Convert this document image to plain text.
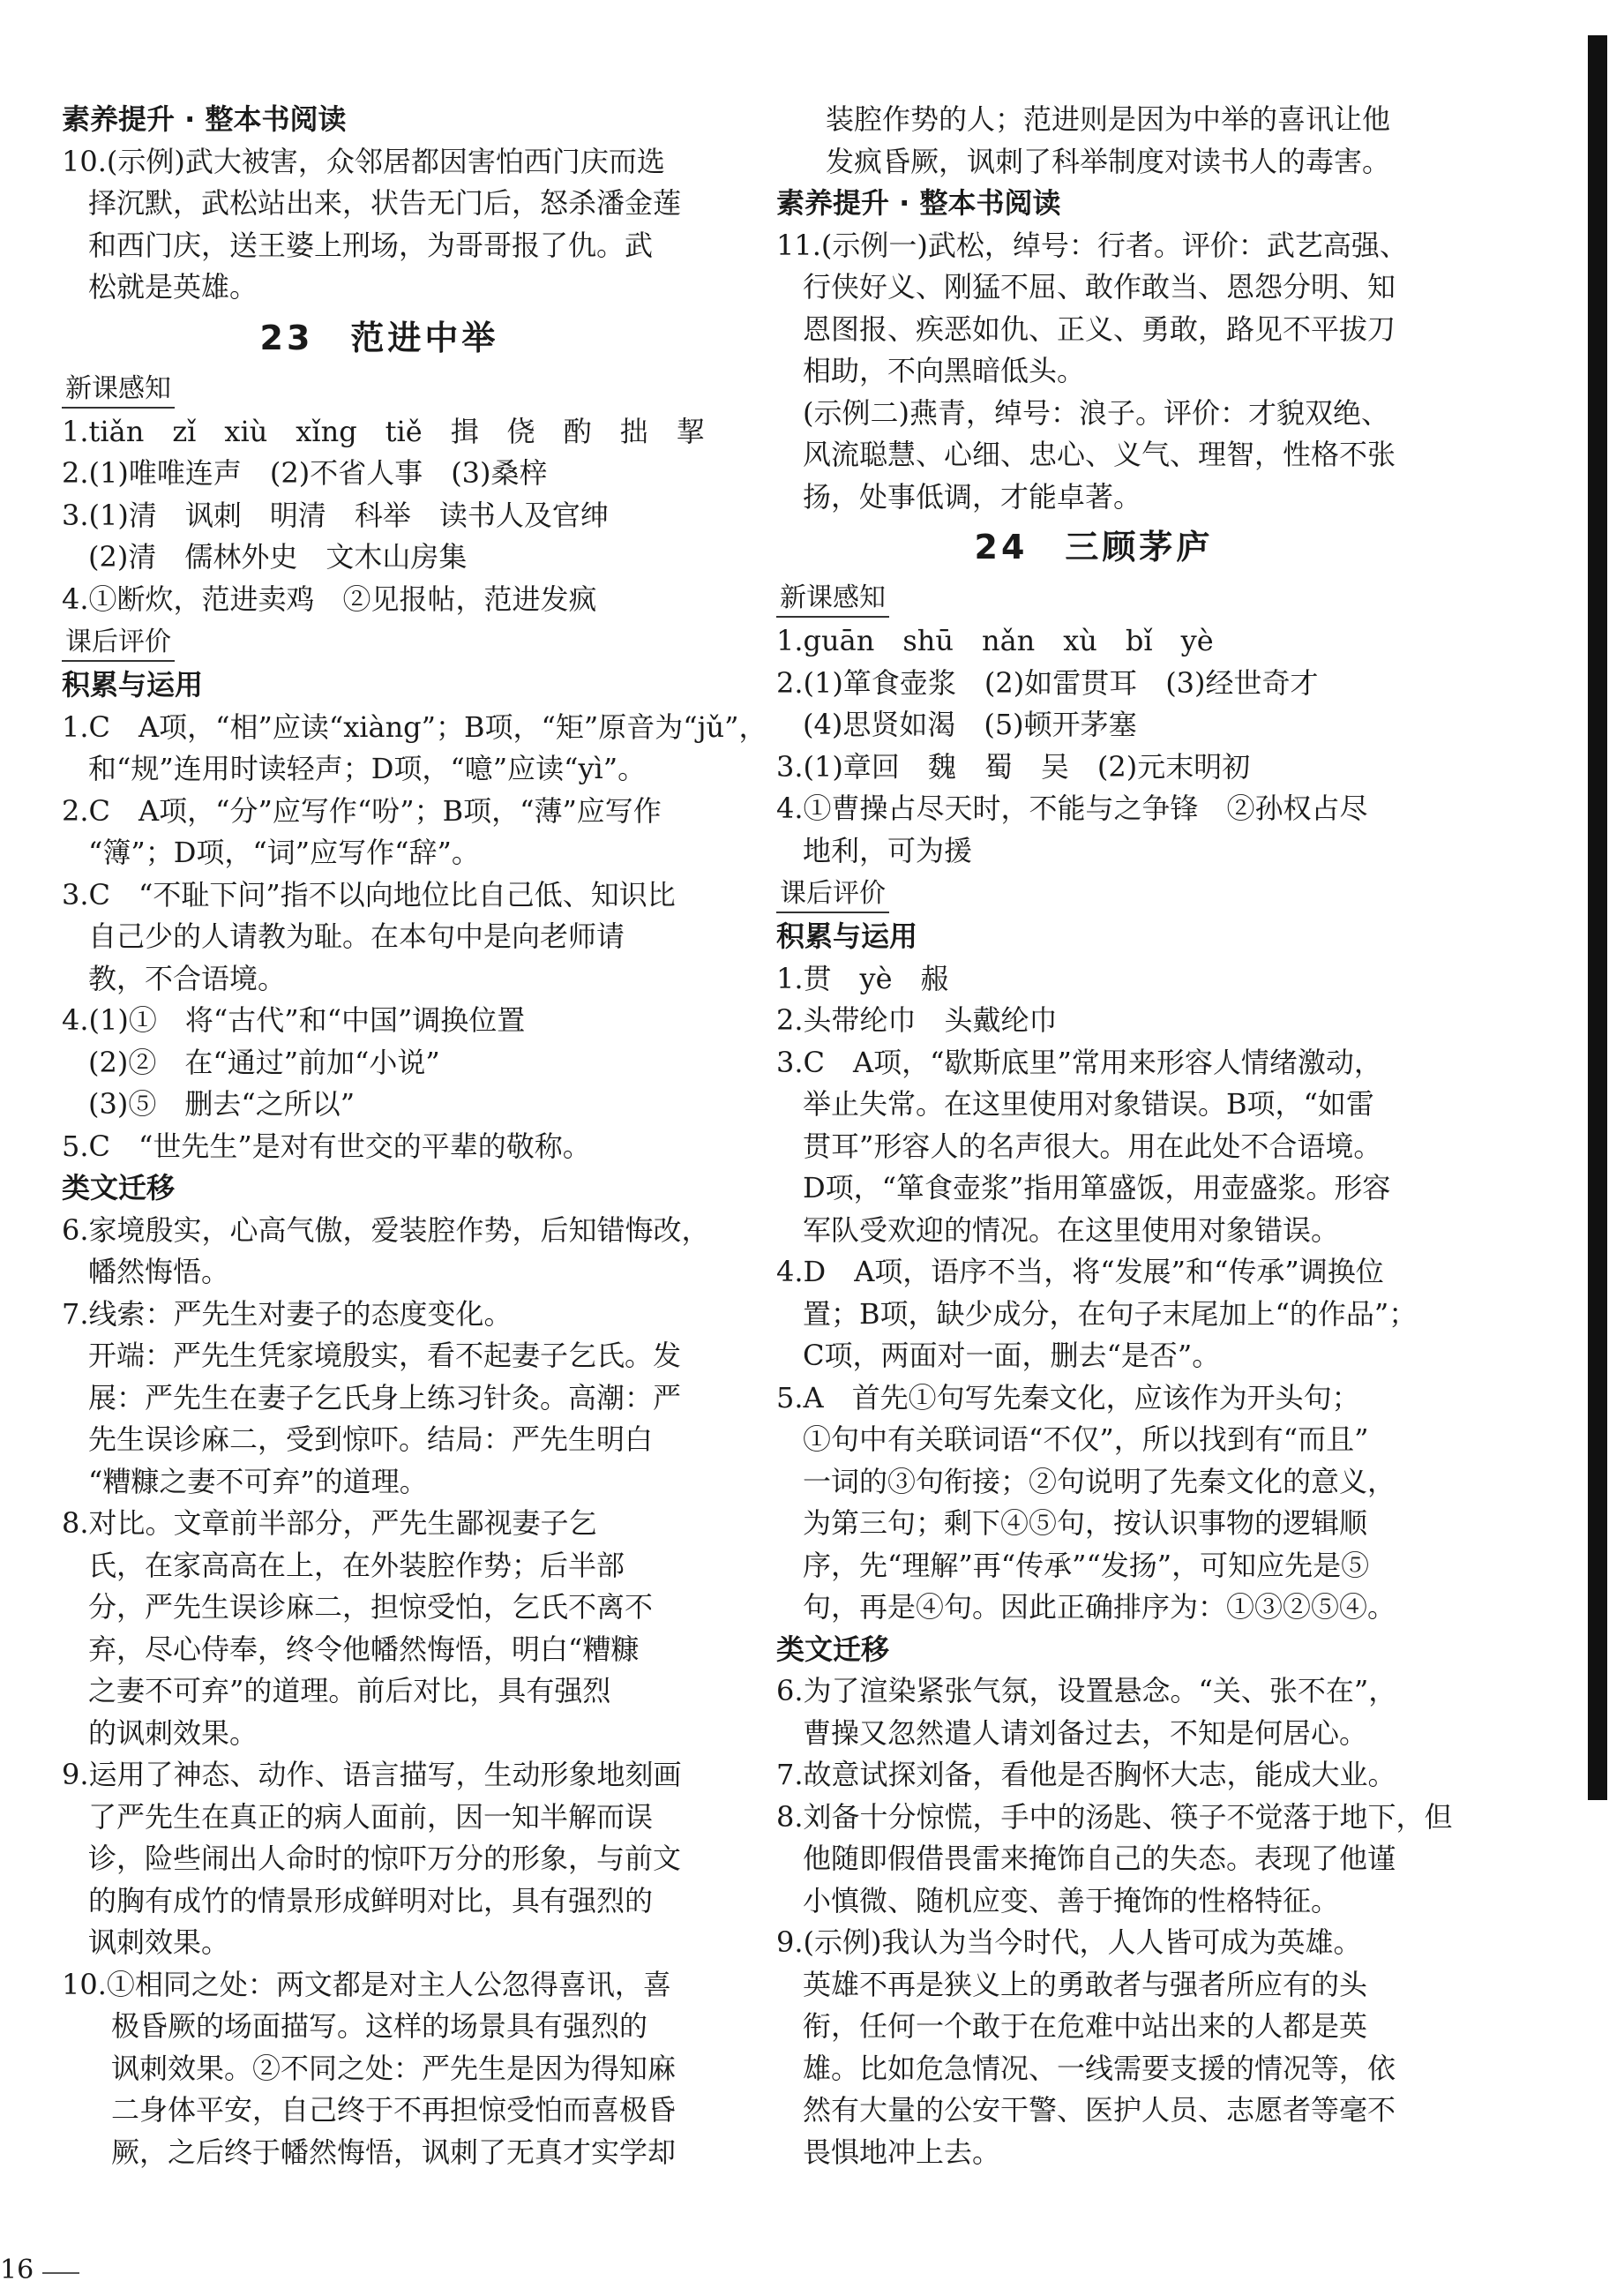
素养提升 · 整本书阅读
10.(示例)武大被害，众邻居都因害怕西门庆而选
择沉默，武松站出来，状告无门后，怒杀潘金莲
和西门庆，送王婆上刑场，为哥哥报了仇。武
松就是英雄。
23　范进中举
新课感知
1.tiǎn　zǐ　xiù　xǐng　tiě　揖　侥　酌　拙　挈
2.(1)唯唯连声　(2)不省人事　(3)桑梓
3.(1)清　讽刺　明清　科举　读书人及官绅
(2)清　儒林外史　文木山房集
4.①断炊，范进卖鸡　②见报帖，范进发疯
课后评价
积累与运用
1.C　A项，“相”应读“xiàng”；B项，“矩”原音为“jǔ”，
和“规”连用时读轻声；D项，“噫”应读“yì”。
2.C　A项，“分”应写作“吩”；B项，“薄”应写作
“簿”；D项，“词”应写作“辞”。
3.C　“不耻下问”指不以向地位比自己低、知识比
自己少的人请教为耻。在本句中是向老师请
教，不合语境。
4.(1)①　将“古代”和“中国”调换位置
(2)②　在“通过”前加“小说”
(3)⑤　删去“之所以”
5.C　“世先生”是对有世交的平辈的敬称。
类文迁移
6.家境殷实，心高气傲，爱装腔作势，后知错悔改，
幡然悔悟。
7.线索：严先生对妻子的态度变化。
开端：严先生凭家境殷实，看不起妻子乞氏。发
展：严先生在妻子乞氏身上练习针灸。高潮：严
先生误诊麻二，受到惊吓。结局：严先生明白
“糟糠之妻不可弃”的道理。
8.对比。文章前半部分，严先生鄙视妻子乞
氏，在家高高在上，在外装腔作势；后半部
分，严先生误诊麻二，担惊受怕，乞氏不离不
弃，尽心侍奉，终令他幡然悔悟，明白“糟糠
之妻不可弃”的道理。前后对比，具有强烈
的讽刺效果。
9.运用了神态、动作、语言描写，生动形象地刻画
了严先生在真正的病人面前，因一知半解而误
诊，险些闹出人命时的惊吓万分的形象，与前文
的胸有成竹的情景形成鲜明对比，具有强烈的
讽刺效果。
10.①相同之处：两文都是对主人公忽得喜讯，喜
极昏厥的场面描写。这样的场景具有强烈的
讽刺效果。②不同之处：严先生是因为得知麻
二身体平安，自己终于不再担惊受怕而喜极昏
厥，之后终于幡然悔悟，讽刺了无真才实学却
装腔作势的人；范进则是因为中举的喜讯让他
发疯昏厥，讽刺了科举制度对读书人的毒害。
素养提升 · 整本书阅读
11.(示例一)武松，绰号：行者。评价：武艺高强、
行侠好义、刚猛不屈、敢作敢当、恩怨分明、知
恩图报、疾恶如仇、正义、勇敢，路见不平拔刀
相助，不向黑暗低头。
(示例二)燕青，绰号：浪子。评价：才貌双绝、
风流聪慧、心细、忠心、义气、理智，性格不张
扬，处事低调，才能卓著。
24　三顾茅庐
新课感知
1.guān　shū　nǎn　xù　bǐ　yè
2.(1)箪食壶浆　(2)如雷贯耳　(3)经世奇才
(4)思贤如渴　(5)顿开茅塞
3.(1)章回　魏　蜀　吴　(2)元末明初
4.①曹操占尽天时，不能与之争锋　②孙权占尽
地利，可为援
课后评价
积累与运用
1.贯　yè　赧
2.头带纶巾　头戴纶巾
3.C　A项，“歇斯底里”常用来形容人情绪激动，
举止失常。在这里使用对象错误。B项，“如雷
贯耳”形容人的名声很大。用在此处不合语境。
D项，“箪食壶浆”指用箪盛饭，用壶盛浆。形容
军队受欢迎的情况。在这里使用对象错误。
4.D　A项，语序不当，将“发展”和“传承”调换位
置；B项，缺少成分，在句子末尾加上“的作品”；
C项，两面对一面，删去“是否”。
5.A　首先①句写先秦文化，应该作为开头句；
①句中有关联词语“不仅”，所以找到有“而且”
一词的③句衔接；②句说明了先秦文化的意义，
为第三句；剩下④⑤句，按认识事物的逻辑顺
序，先“理解”再“传承”“发扬”，可知应先是⑤
句，再是④句。因此正确排序为：①③②⑤④。
类文迁移
6.为了渲染紧张气氛，设置悬念。“关、张不在”，
曹操又忽然遣人请刘备过去，不知是何居心。
7.故意试探刘备，看他是否胸怀大志，能成大业。
8.刘备十分惊慌，手中的汤匙、筷子不觉落于地下，但
他随即假借畏雷来掩饰自己的失态。表现了他谨
小慎微、随机应变、善于掩饰的性格特征。
9.(示例)我认为当今时代，人人皆可成为英雄。
英雄不再是狭义上的勇敢者与强者所应有的头
衔，任何一个敢于在危难中站出来的人都是英
雄。比如危急情况、一线需要支援的情况等，依
然有大量的公安干警、医护人员、志愿者等毫不
畏惧地冲上去。
16
